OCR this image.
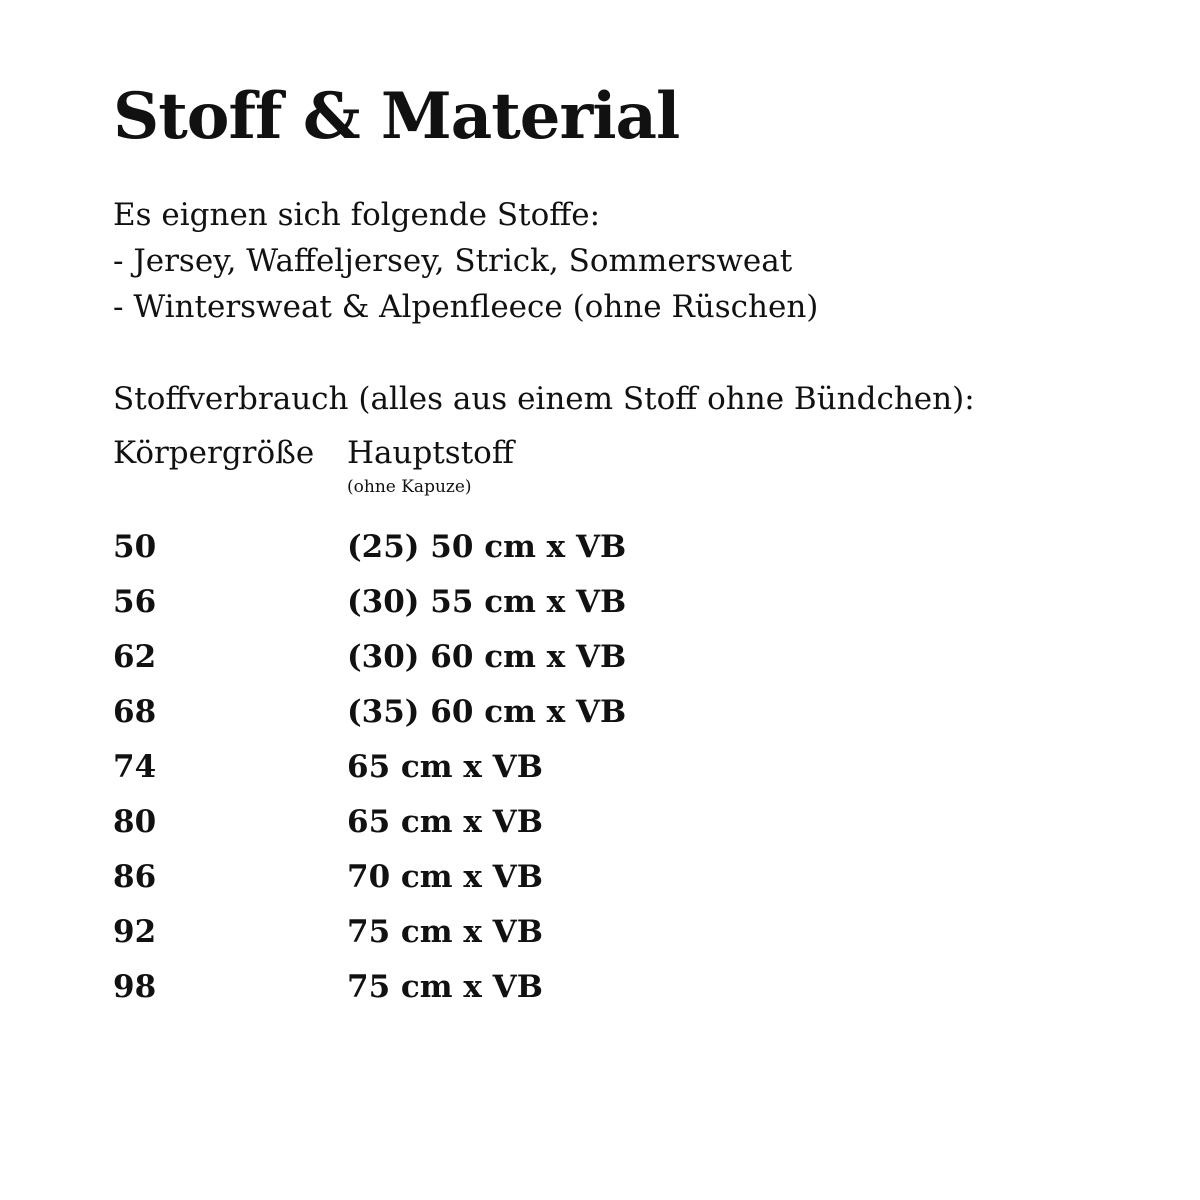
Stoff & Material
Es eignen sich folgende Stoffe:
- Jersey, Waffeljersey, Strick, Sommersweat
- Wintersweat & Alpenfleece (ohne Rüschen)
Stoffverbrauch (alles aus einem Stoff ohne Bündchen):
Körpergröße	Hauptstoff
(ohne Kapuze)
50	(25) 50 cm x VB
56	(30) 55 cm x VB
62	(30) 60 cm x VB
68	(35) 60 cm x VB
74	65 cm x VB
80	65 cm x VB
86	70 cm x VB
92	75 cm x VB
98	75 cm x VB
